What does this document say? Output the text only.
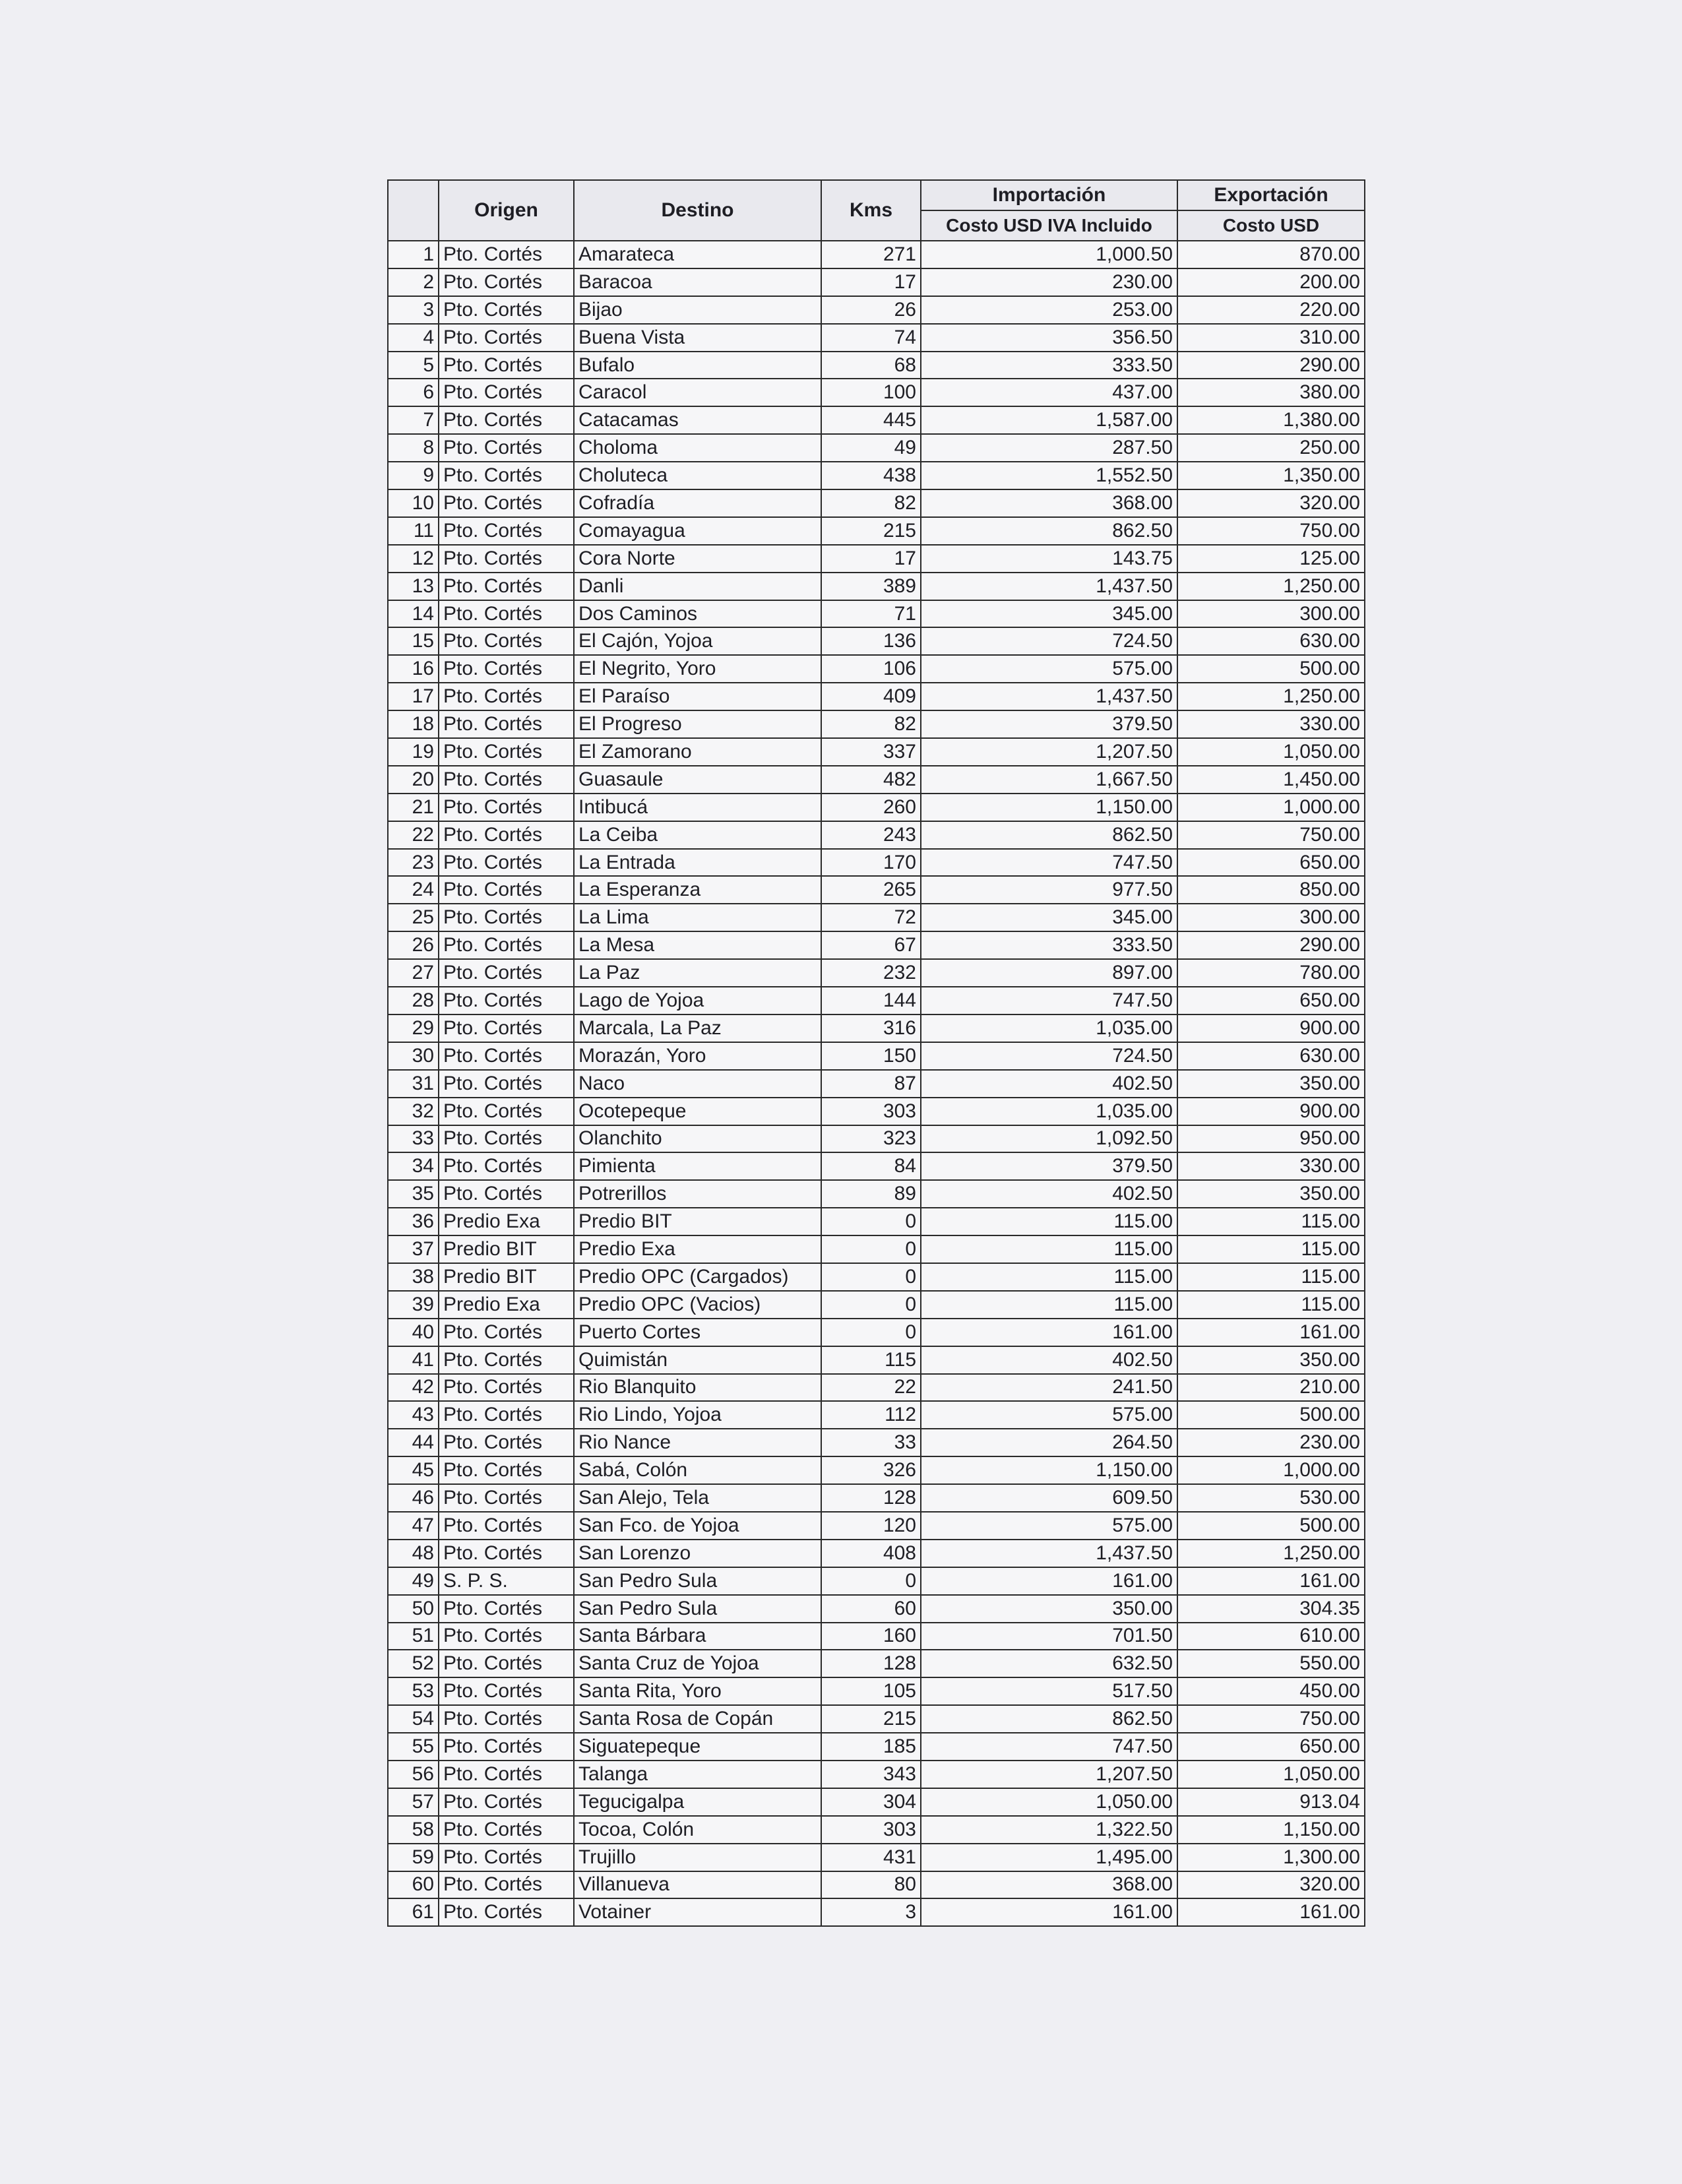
	Origen	Destino	Kms	Importación	Exportación
				Costo USD IVA Incluido	Costo USD
1	Pto. Cortés	Amarateca	271	1,000.50	870.00
2	Pto. Cortés	Baracoa	17	230.00	200.00
3	Pto. Cortés	Bijao	26	253.00	220.00
4	Pto. Cortés	Buena Vista	74	356.50	310.00
5	Pto. Cortés	Bufalo	68	333.50	290.00
6	Pto. Cortés	Caracol	100	437.00	380.00
7	Pto. Cortés	Catacamas	445	1,587.00	1,380.00
8	Pto. Cortés	Choloma	49	287.50	250.00
9	Pto. Cortés	Choluteca	438	1,552.50	1,350.00
10	Pto. Cortés	Cofradía	82	368.00	320.00
11	Pto. Cortés	Comayagua	215	862.50	750.00
12	Pto. Cortés	Cora Norte	17	143.75	125.00
13	Pto. Cortés	Danli	389	1,437.50	1,250.00
14	Pto. Cortés	Dos Caminos	71	345.00	300.00
15	Pto. Cortés	El Cajón, Yojoa	136	724.50	630.00
16	Pto. Cortés	El Negrito, Yoro	106	575.00	500.00
17	Pto. Cortés	El Paraíso	409	1,437.50	1,250.00
18	Pto. Cortés	El Progreso	82	379.50	330.00
19	Pto. Cortés	El Zamorano	337	1,207.50	1,050.00
20	Pto. Cortés	Guasaule	482	1,667.50	1,450.00
21	Pto. Cortés	Intibucá	260	1,150.00	1,000.00
22	Pto. Cortés	La Ceiba	243	862.50	750.00
23	Pto. Cortés	La Entrada	170	747.50	650.00
24	Pto. Cortés	La Esperanza	265	977.50	850.00
25	Pto. Cortés	La Lima	72	345.00	300.00
26	Pto. Cortés	La Mesa	67	333.50	290.00
27	Pto. Cortés	La Paz	232	897.00	780.00
28	Pto. Cortés	Lago de Yojoa	144	747.50	650.00
29	Pto. Cortés	Marcala, La Paz	316	1,035.00	900.00
30	Pto. Cortés	Morazán, Yoro	150	724.50	630.00
31	Pto. Cortés	Naco	87	402.50	350.00
32	Pto. Cortés	Ocotepeque	303	1,035.00	900.00
33	Pto. Cortés	Olanchito	323	1,092.50	950.00
34	Pto. Cortés	Pimienta	84	379.50	330.00
35	Pto. Cortés	Potrerillos	89	402.50	350.00
36	Predio Exa	Predio BIT	0	115.00	115.00
37	Predio BIT	Predio Exa	0	115.00	115.00
38	Predio BIT	Predio OPC (Cargados)	0	115.00	115.00
39	Predio Exa	Predio OPC (Vacios)	0	115.00	115.00
40	Pto. Cortés	Puerto Cortes	0	161.00	161.00
41	Pto. Cortés	Quimistán	115	402.50	350.00
42	Pto. Cortés	Rio Blanquito	22	241.50	210.00
43	Pto. Cortés	Rio Lindo, Yojoa	112	575.00	500.00
44	Pto. Cortés	Rio Nance	33	264.50	230.00
45	Pto. Cortés	Sabá, Colón	326	1,150.00	1,000.00
46	Pto. Cortés	San Alejo, Tela	128	609.50	530.00
47	Pto. Cortés	San Fco. de Yojoa	120	575.00	500.00
48	Pto. Cortés	San Lorenzo	408	1,437.50	1,250.00
49	S. P. S.	San Pedro Sula	0	161.00	161.00
50	Pto. Cortés	San Pedro Sula	60	350.00	304.35
51	Pto. Cortés	Santa Bárbara	160	701.50	610.00
52	Pto. Cortés	Santa Cruz de Yojoa	128	632.50	550.00
53	Pto. Cortés	Santa Rita, Yoro	105	517.50	450.00
54	Pto. Cortés	Santa Rosa de Copán	215	862.50	750.00
55	Pto. Cortés	Siguatepeque	185	747.50	650.00
56	Pto. Cortés	Talanga	343	1,207.50	1,050.00
57	Pto. Cortés	Tegucigalpa	304	1,050.00	913.04
58	Pto. Cortés	Tocoa, Colón	303	1,322.50	1,150.00
59	Pto. Cortés	Trujillo	431	1,495.00	1,300.00
60	Pto. Cortés	Villanueva	80	368.00	320.00
61	Pto. Cortés	Votainer	3	161.00	161.00
